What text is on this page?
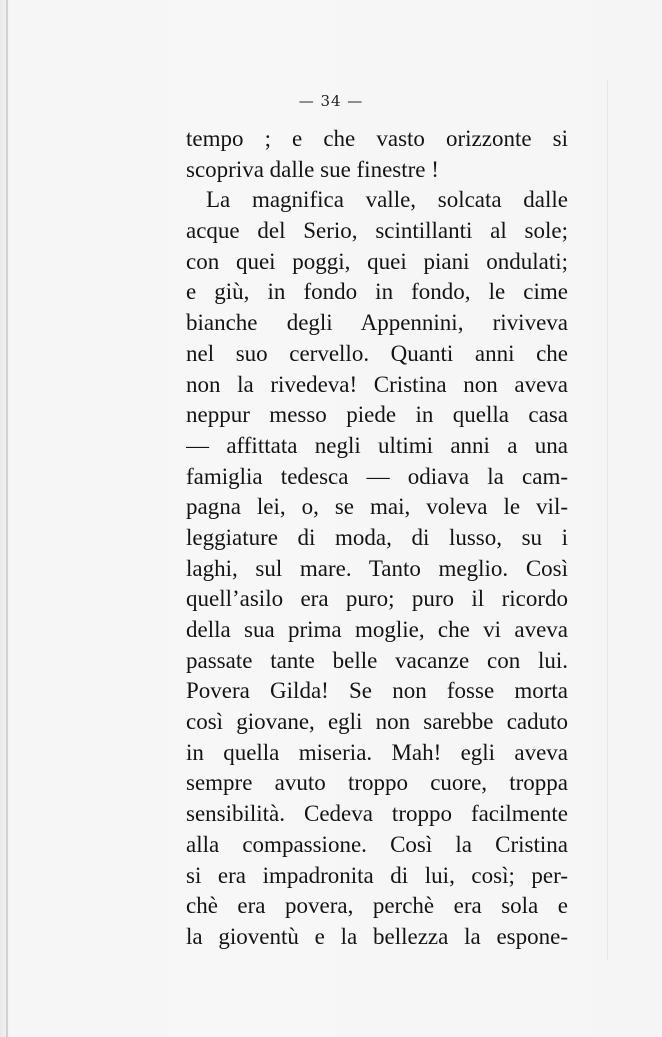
— 34 —
tempo ; e che vasto orizzonte si
scopriva dalle sue finestre !
La magnifica valle, solcata dalle
acque del Serio, scintillanti al sole;
con quei poggi, quei piani ondulati;
e giù, in fondo in fondo, le cime
bianche degli Appennini, riviveva
nel suo cervello. Quanti anni che
non la rivedeva! Cristina non aveva
neppur messo piede in quella casa
— affittata negli ultimi anni a una
famiglia tedesca — odiava la cam-
pagna lei, o, se mai, voleva le vil-
leggiature di moda, di lusso, su i
laghi, sul mare. Tanto meglio. Così
quell’asilo era puro; puro il ricordo
della sua prima moglie, che vi aveva
passate tante belle vacanze con lui.
Povera Gilda! Se non fosse morta
così giovane, egli non sarebbe caduto
in quella miseria. Mah! egli aveva
sempre avuto troppo cuore, troppa
sensibilità. Cedeva troppo facilmente
alla compassione. Così la Cristina
si era impadronita di lui, così; per-
chè era povera, perchè era sola e
la gioventù e la bellezza la espone-
